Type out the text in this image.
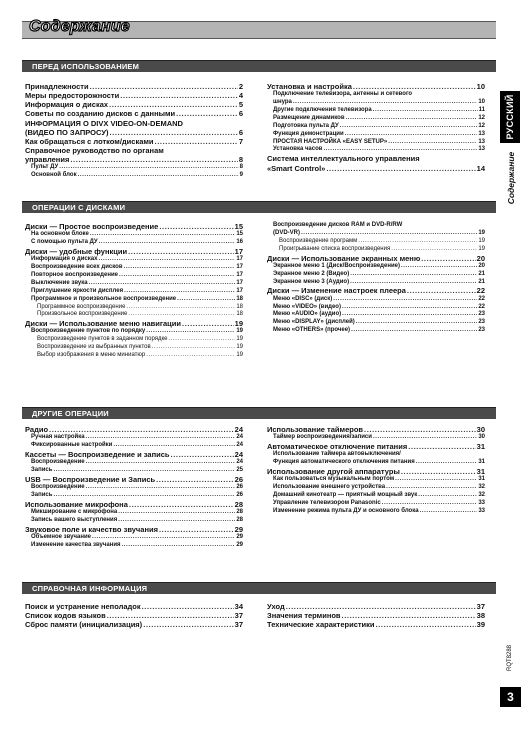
Содержание
РУССКИЙ
Содержание
RQT8288
3
ПЕРЕД ИСПОЛЬЗОВАНИЕМ
Принадлежности .....	2
Меры предосторожности .....	4
Информация о дисках .....	5
Советы по созданию дисков с данными .....	6
ИНФОРМАЦИЯ О DIVX VIDEO-ON-DEMAND
(ВИДЕО ПО ЗАПРОСУ) .....	6
Как обращаться с лотком/дисками .....	7
Справочное руководство по органам
управления .....	8
Пульт ДУ .....	8
Основной блок .....	9
Установка и настройка .....	10
Подключение телевизора, антенны и сетевого
шнура .....	10
Другие подключения телевизора .....	11
Размещение динамиков .....	12
Подготовка пульта ДУ .....	12
Функция демонстрации .....	13
ПРОСТАЯ НАСТРОЙКА «EASY SETUP» .....	13
Установка часов .....	13
Система интеллектуального управления
«Smart Control» .....	14
ОПЕРАЦИИ С ДИСКАМИ
Диски — Простое воспроизведение .....	15
На основном блоке .....	15
С помощью пульта ДУ .....	16
Диски — удобные функции .....	17
Информация о дисках .....	17
Воспроизведение всех дисков .....	17
Повторное воспроизведение .....	17
Выключение звука .....	17
Приглушение яркости дисплея .....	17
Программное и произвольное воспроизведение .....	18
Программное воспроизведение .....	18
Произвольное воспроизведение .....	18
Диски — Использование меню навигации .....	19
Воспроизведение пунктов по порядку .....	19
Воспроизведение пунктов в заданном порядке .....	19
Воспроизведение из выбранных пунктов .....	19
Выбор изображения в меню миниатюр .....	19
Воспроизведение дисков RAM и DVD-R/RW
(DVD-VR) .....	19
Воспроизведение программ .....	19
Проигрывание списка воспроизведения .....	19
Диски — Использование экранных меню .....	20
Экранное меню 1 (Диск/Воспроизведение) .....	20
Экранное меню 2 (Видео) .....	21
Экранное меню 3 (Аудио) .....	21
Диски — Изменение настроек плеера .....	22
Меню «DISC» (диск) .....	22
Меню «VIDEO» (видео) .....	22
Меню «AUDIO» (аудио) .....	23
Меню «DISPLAY» (дисплей) .....	23
Меню «OTHERS» (прочее) .....	23
ДРУГИЕ ОПЕРАЦИИ
Радио .....	24
Ручная настройка .....	24
Фиксированные настройки .....	24
Кассеты — Воспроизведение и запись .....	24
Воспроизведение .....	24
Запись .....	25
USB — Воспроизведение и Запись .....	26
Воспроизведение .....	26
Запись .....	26
Использование микрофона .....	28
Микширование с микрофона .....	28
Запись вашего выступления .....	28
Звуковое поле и качество звучания .....	29
Объемное звучание .....	29
Изменение качества звучания .....	29
Использование таймеров .....	30
Таймер воспроизведения/записи .....	30
Автоматическое отключение питания .....	31
Использование таймера автовыключения/
Функция автоматического отключения питания .....	31
Использование другой аппаратуры .....	31
Как пользоваться музыкальным портом .....	31
Использование внешнего устройства .....	32
Домашний кинотеатр — приятный мощный звук .....	32
Управление телевизором Panasonic .....	33
Изменение режима пульта ДУ и основного блока .....	33
СПРАВОЧНАЯ ИНФОРМАЦИЯ
Поиск и устранение неполадок .....	34
Список кодов языков .....	37
Сброс памяти (инициализация) .....	37
Уход .....	37
Значения терминов .....	38
Технические характеристики .....	39
